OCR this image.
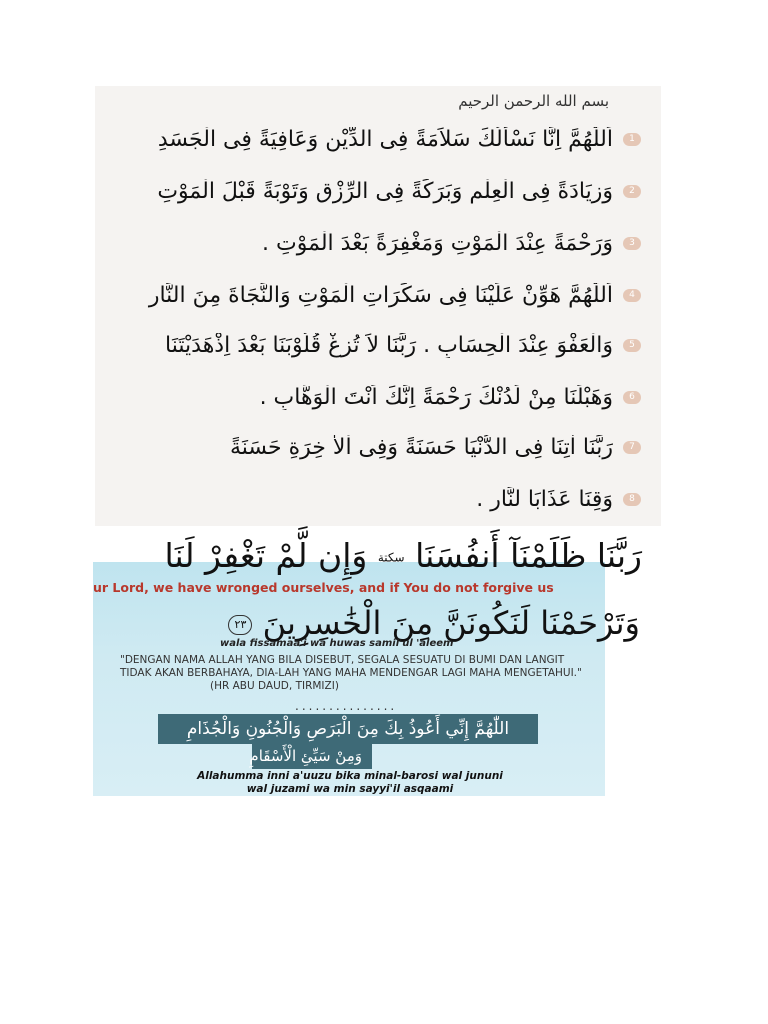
بسم الله الرحمن الرحيم
اَللّٰهُمَّ اِنَّا نَسْأَلُكَ سَلاَمَةً فِى الدِّيْنِ وَعَافِيَةً فِى الْجَسَدِ	1
وَزِيَادَةً فِى الْعِلْمِ وَبَرَكَةً فِى الرِّزْقِ وَتَوْبَةً قَبْلَ الْمَوْتِ	2
وَرَحْمَةً عِنْدَ الْمَوْتِ وَمَغْفِرَةً بَعْدَ الْمَوْتِ .	3
اَللّٰهُمَّ هَوِّنْ عَلَيْنَا فِى سَكَرَاتِ الْمَوْتِ وَالنَّجَاةَ مِنَ النَّارِ	4
وَالْعَفْوَ عِنْدَ الْحِسَابِ . رَبَّنَا لاَ تُزِغْ قُلُوْبَنَا بَعْدَ اِذْهَدَيْتَنَا	5
وَهَبْلَنَا مِنْ لَدُنْكَ رَحْمَةً اِنَّكَ اَنْتَ الْوَهَّابِ .	6
رَبَّنَا اٰتِنَا فِى الدُّنْيَا حَسَنَةً وَفِى اْلاٰ خِرَةِ حَسَنَةً	7
وَقِنَا عَذَابَا لنَّارِ .	8
رَبَّنَا ظَلَمْنَآ أَنفُسَنَا سكتة وَإِن لَّمْ تَغْفِرْ لَنَا
ur Lord, we have wronged ourselves, and if You do not forgive us
وَتَرْحَمْنَا لَنَكُونَنَّ مِنَ الْخَٰسِرِينَ ٢٣
wala fissamaa'i wa huwas samii'ul 'aleem
"DENGAN NAMA ALLAH YANG BILA DISEBUT, SEGALA SESUATU DI BUMI DAN LANGIT TIDAK AKAN BERBAHAYA, DIA-LAH YANG MAHA MENDENGAR LAGI MAHA MENGETAHUI." (HR ABU DAUD, TIRMIZI)
...............
اللّٰهُمَّ إِنِّي أَعُوذُ بِكَ مِنَ الْبَرَصِ وَالْجُنُونِ وَالْجُذَامِ
وَمِنْ سَيِّئِ الْأَسْقَامِ
Allahumma inni a'uuzu bika minal-barosi wal jununi
wal juzami wa min sayyi'il asqaami
